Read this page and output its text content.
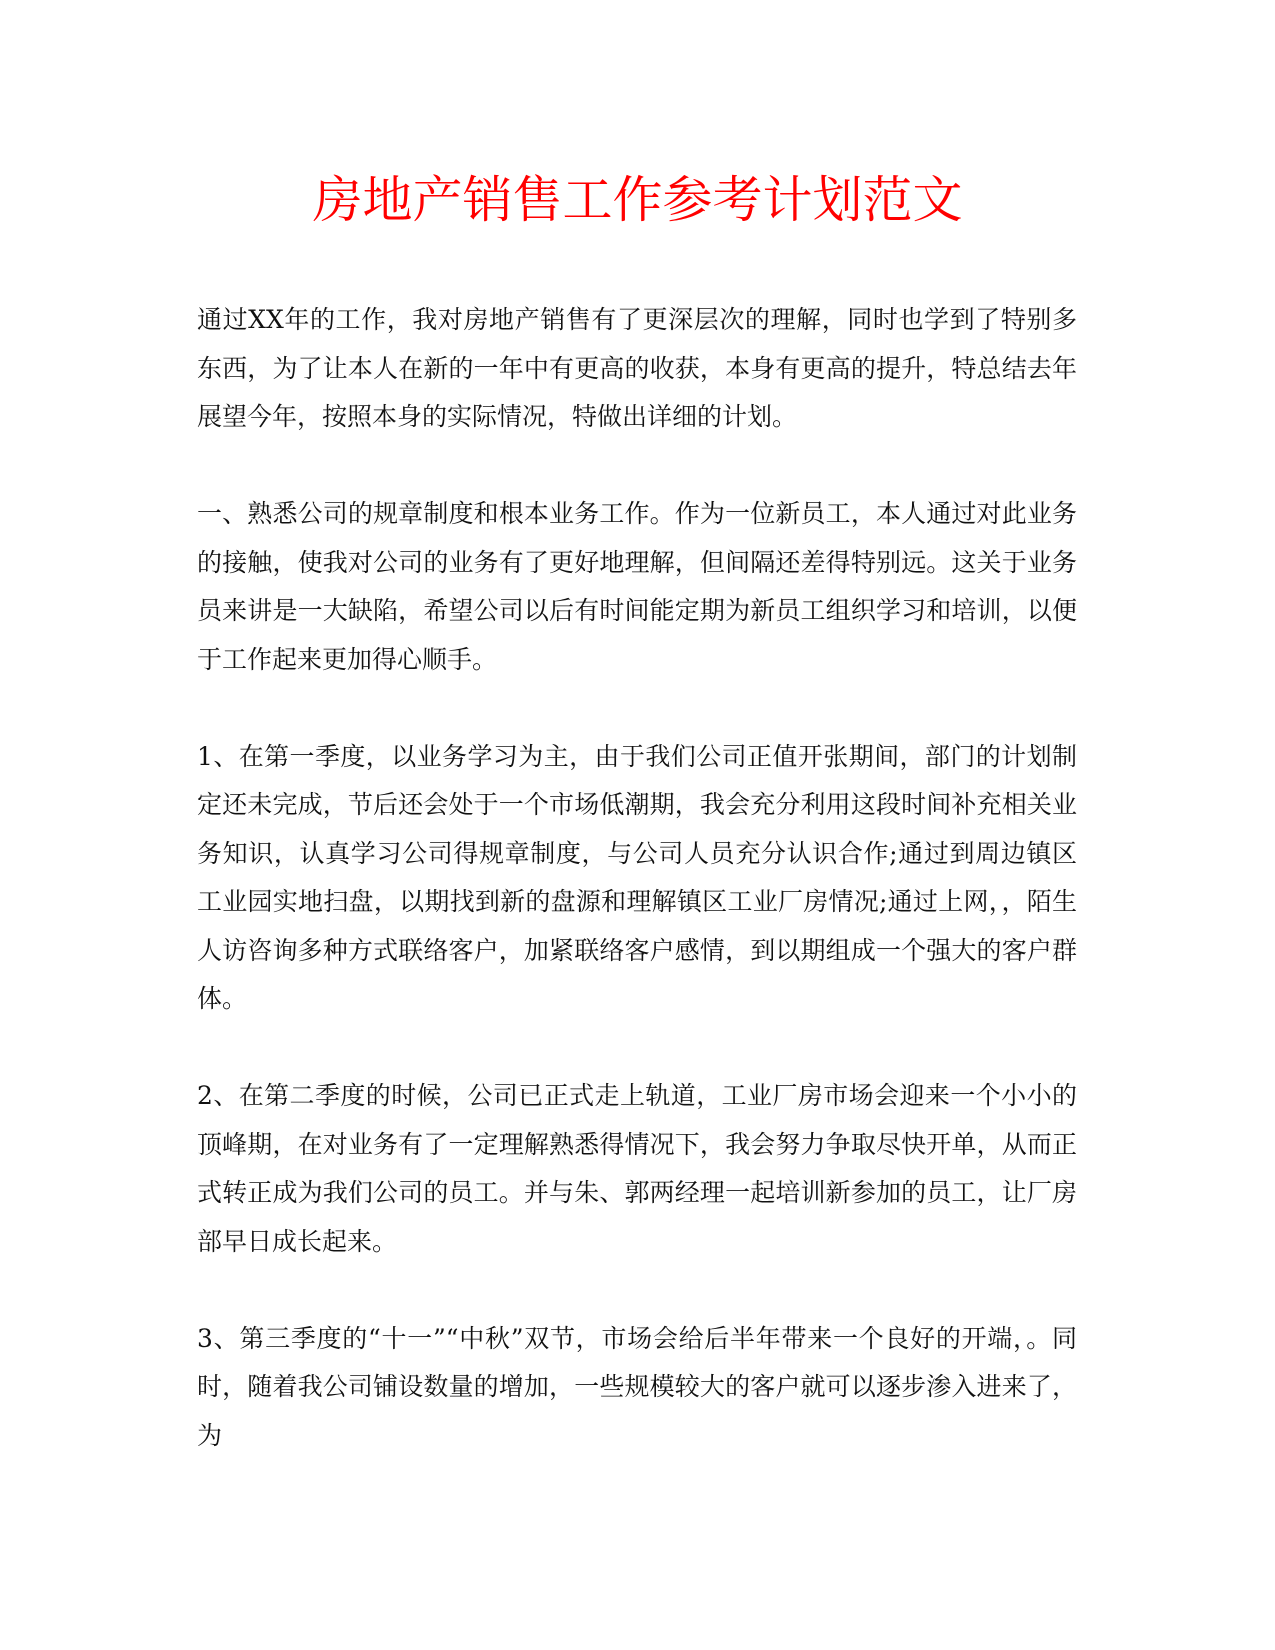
房地产销售工作参考计划范文

通过XX年的工作，我对房地产销售有了更深层次的理解，同时也学到了特别多东西，为了让本人在新的一年中有更高的收获，本身有更高的提升，特总结去年展望今年，按照本身的实际情况，特做出详细的计划。

一、熟悉公司的规章制度和根本业务工作。作为一位新员工，本人通过对此业务的接触，使我对公司的业务有了更好地理解，但间隔还差得特别远。这关于业务员来讲是一大缺陷，希望公司以后有时间能定期为新员工组织学习和培训，以便于工作起来更加得心顺手。

1、在第一季度，以业务学习为主，由于我们公司正值开张期间，部门的计划制定还未完成，节后还会处于一个市场低潮期，我会充分利用这段时间补充相关业务知识，认真学习公司得规章制度，与公司人员充分认识合作;通过到周边镇区工业园实地扫盘，以期找到新的盘源和理解镇区工业厂房情况;通过上网，，陌生人访咨询多种方式联络客户，加紧联络客户感情，到以期组成一个强大的客户群体。

2、在第二季度的时候，公司已正式走上轨道，工业厂房市场会迎来一个小小的顶峰期，在对业务有了一定理解熟悉得情况下，我会努力争取尽快开单，从而正式转正成为我们公司的员工。并与朱、郭两经理一起培训新参加的员工，让厂房部早日成长起来。

3、第三季度的“十一”“中秋”双节，市场会给后半年带来一个良好的开端，。同时，随着我公司铺设数量的增加，一些规模较大的客户就可以逐步渗入进来了，为
